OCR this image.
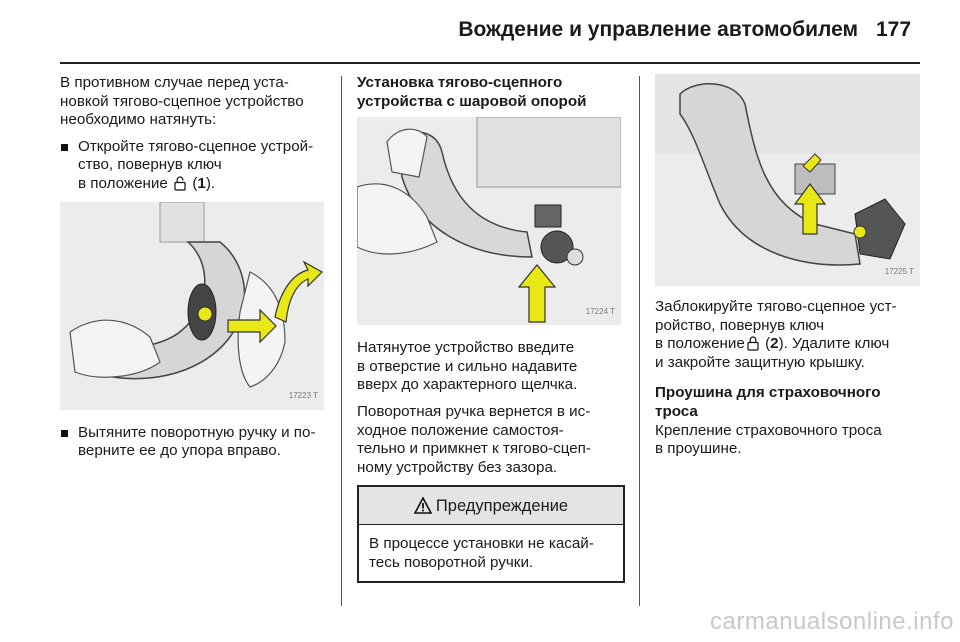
Вождение и управление автомобилем 177

В противном случае перед уста-
новкой тягово-сцепное устройство
необходимо натянуть:

Откройте тягово-сцепное устрой-
ство, повернув ключ
в положение  (1).
17223 T
Вытяните поворотную ручку и по-
верните ее до упора вправо.

Установка тягово-сцепного
устройства с шаровой опорой

17224 T

Натянутое устройство введите
в отверстие и сильно надавите
вверх до характерного щелчка.

Поворотная ручка вернется в ис-
ходное положение самостоя-
тельно и примкнет к тягово-сцеп-
ному устройству без зазора.

Предупреждение
В процессе установки не касай-
тесь поворотной ручки.
17225 T

Заблокируйте тягово-сцепное уст-
ройство, повернув ключ
в положение (2). Удалите ключ
и закройте защитную крышку.

Проушина для страховочного
троса

Крепление страховочного троса
в проушине.

carmanualsonline.info
